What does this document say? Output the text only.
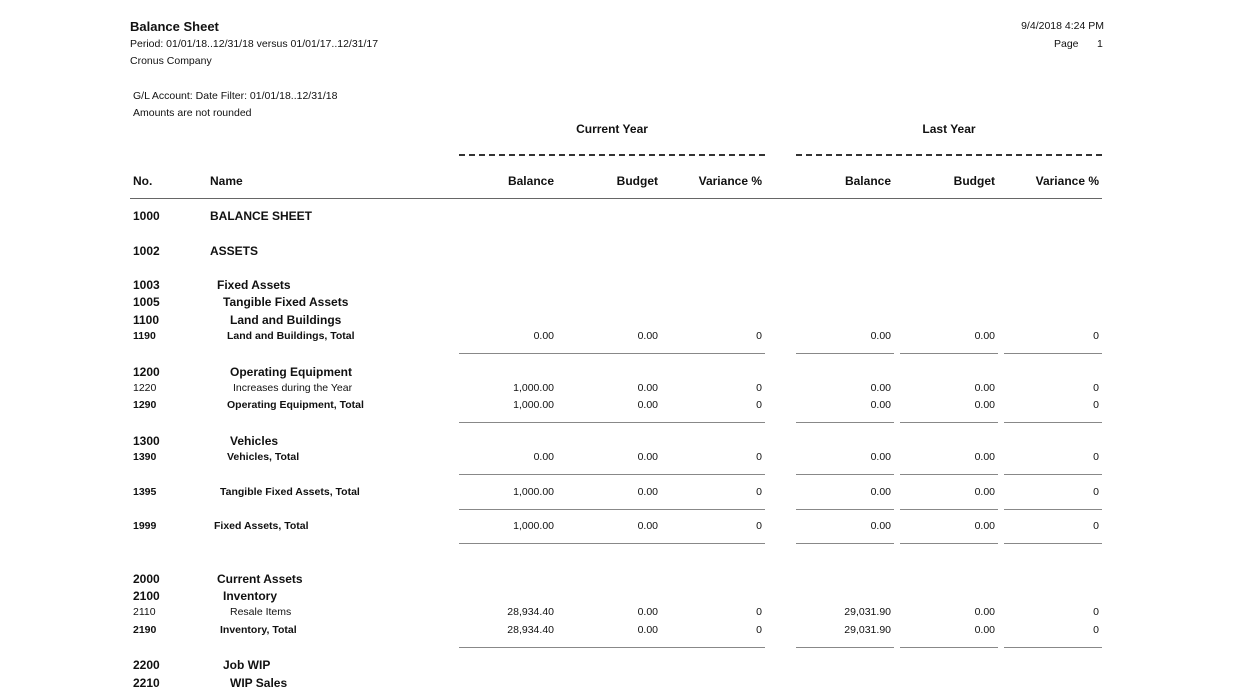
Balance Sheet
Period: 01/01/18..12/31/18 versus 01/01/17..12/31/17
Cronus Company
9/4/2018 4:24 PM
Page 1
G/L Account: Date Filter: 01/01/18..12/31/18
Amounts are not rounded
Current Year	Last Year
No.	Name	Balance	Budget	Variance %	Balance	Budget	Variance %
1000	BALANCE SHEET
1002	ASSETS
1003	Fixed Assets
1005	Tangible Fixed Assets
1100	Land and Buildings
1190	Land and Buildings, Total	0.00	0.00	0	0.00	0.00	0
1200	Operating Equipment
1220	Increases during the Year	1,000.00	0.00	0	0.00	0.00	0
1290	Operating Equipment, Total	1,000.00	0.00	0	0.00	0.00	0
1300	Vehicles
1390	Vehicles, Total	0.00	0.00	0	0.00	0.00	0
1395	Tangible Fixed Assets, Total	1,000.00	0.00	0	0.00	0.00	0
1999	Fixed Assets, Total	1,000.00	0.00	0	0.00	0.00	0
2000	Current Assets
2100	Inventory
2110	Resale Items	28,934.40	0.00	0	29,031.90	0.00	0
2190	Inventory, Total	28,934.40	0.00	0	29,031.90	0.00	0
2200	Job WIP
2210	WIP Sales
